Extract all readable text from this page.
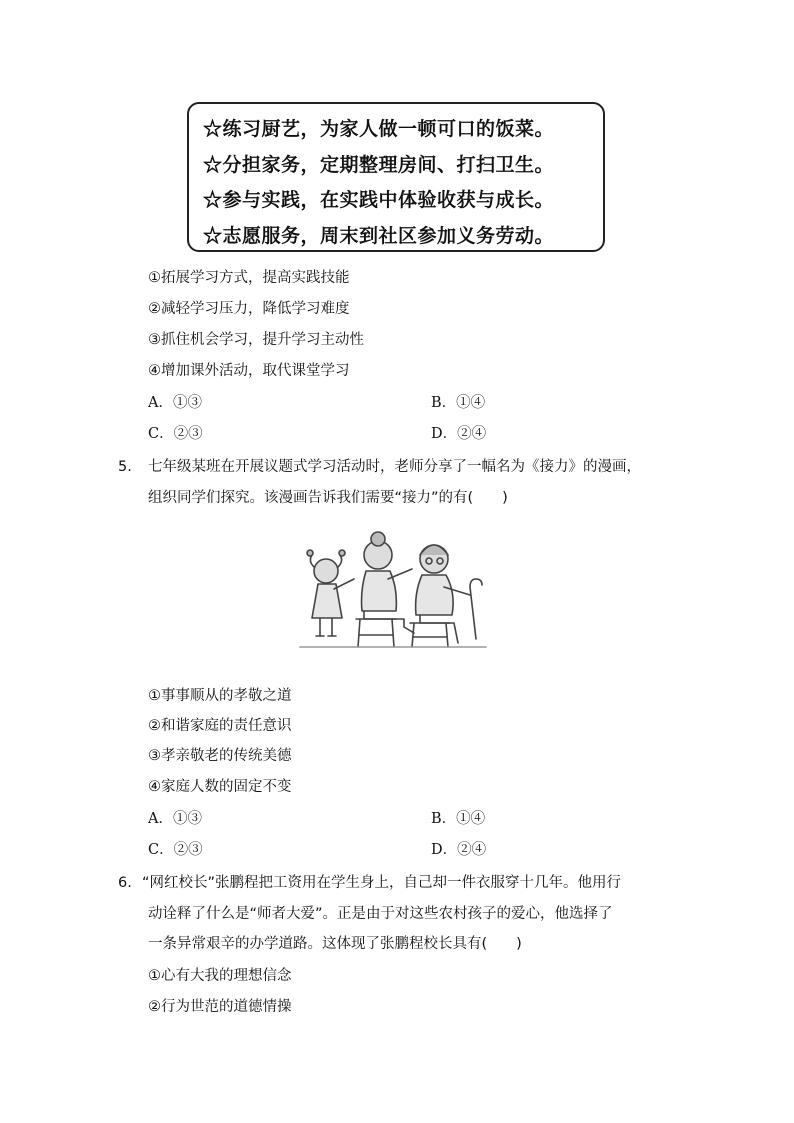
☆练习厨艺，为家人做一顿可口的饭菜。
☆分担家务，定期整理房间、打扫卫生。
☆参与实践，在实践中体验收获与成长。
☆志愿服务，周末到社区参加义务劳动。
①拓展学习方式，提高实践技能
②减轻学习压力，降低学习难度
③抓住机会学习，提升学习主动性
④增加课外活动，取代课堂学习
A．①③	B．①④
C．②③	D．②④
5. 七年级某班在开展议题式学习活动时，老师分享了一幅名为《接力》的漫画，
组织同学们探究。该漫画告诉我们需要“接力”的有(　　)
①事事顺从的孝敬之道
②和谐家庭的责任意识
③孝亲敬老的传统美德
④家庭人数的固定不变
A．①③	B．①④
C．②③	D．②④
6. “网红校长”张鹏程把工资用在学生身上，自己却一件衣服穿十几年。他用行
动诠释了什么是“师者大爱”。正是由于对这些农村孩子的爱心，他选择了
一条异常艰辛的办学道路。这体现了张鹏程校长具有(　　)
①心有大我的理想信念
②行为世范的道德情操
